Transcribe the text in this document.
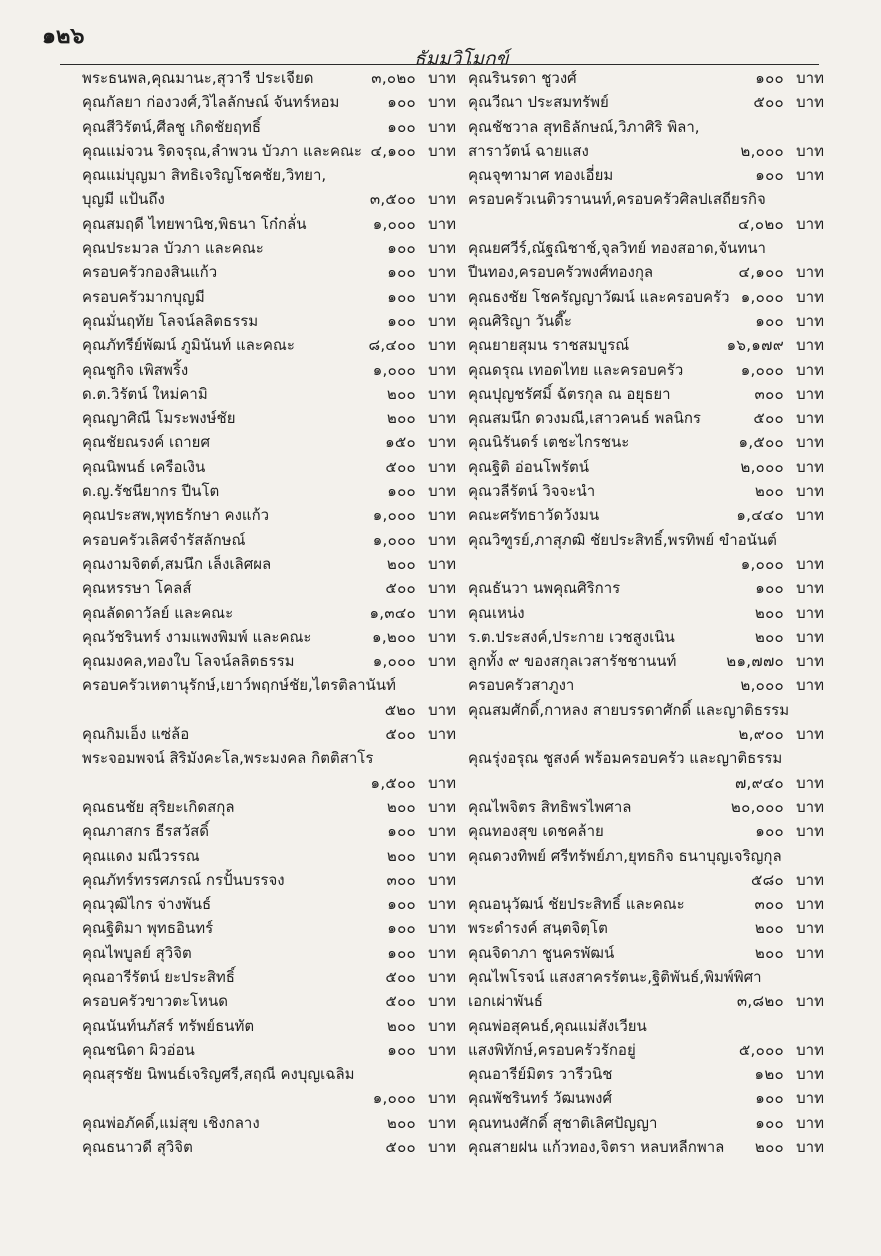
๑๒๖
ธัมมวิโมกข์
พระธนพล,คุณมานะ,สุวารี ประเจียด	๓,๐๒๐ บาท
คุณกัลยา ก่องวงศ์,วิไลลักษณ์ จันทร์หอม	๑๐๐ บาท
คุณสีวิรัตน์,ศีลชู เกิดชัยฤทธิ์	๑๐๐ บาท
คุณแม่จวน ริดจรุณ,ลำพวน บัวภา และคณะ ๔,๑๐๐ บาท
คุณแม่บุญมา สิทธิเจริญโชคชัย,วิทยา,
บุญมี แป้นถึง	๓,๕๐๐ บาท
คุณสมฤดี ไทยพานิช,พิธนา โก๋กลั่น	๑,๐๐๐ บาท
คุณประมวล บัวภา และคณะ	๑๐๐ บาท
ครอบครัวกองสินแก้ว	๑๐๐ บาท
ครอบครัวมากบุญมี	๑๐๐ บาท
คุณมั่นฤทัย โลจน์ลลิตธรรม	๑๐๐ บาท
คุณภัทรีย์พัฒน์ ภูมินันท์ และคณะ	๘,๔๐๐ บาท
คุณชูกิจ เพิสพริ้ง	๑,๐๐๐ บาท
ด.ต.วิรัตน์ ใหม่คามิ	๒๐๐ บาท
คุณญาศิณี โมระพงษ์ชัย	๒๐๐ บาท
คุณชัยณรงค์ เถายศ	๑๕๐ บาท
คุณนิพนธ์ เครือเงิน	๕๐๐ บาท
ด.ญ.รัชนียากร ปีนโต	๑๐๐ บาท
คุณประสพ,พุทธรักษา คงแก้ว	๑,๐๐๐ บาท
ครอบครัวเลิศจำรัสลักษณ์	๑,๐๐๐ บาท
คุณงามจิตต์,สมนึก เล็งเลิศผล	๒๐๐ บาท
คุณหรรษา โคลส์	๕๐๐ บาท
คุณลัดดาวัลย์ และคณะ	๑,๓๔๐ บาท
คุณวัชรินทร์ งามแพงพิมพ์ และคณะ	๑,๒๐๐ บาท
คุณมงคล,ทองใบ โลจน์ลลิตธรรม	๑,๐๐๐ บาท
ครอบครัวเหตานุรักษ์,เยาว์พฤกษ์ชัย,ไตรติลานันท์
๕๒๐ บาท
คุณกิมเอ็ง แซ่ล้อ	๕๐๐ บาท
พระจอมพจน์ สิริมังคะโล,พระมงคล กิตติสาโร
๑,๕๐๐ บาท
คุณธนชัย สุริยะเกิดสกุล	๒๐๐ บาท
คุณภาสกร ธีรสวัสดิ์	๑๐๐ บาท
คุณแดง มณีวรรณ	๒๐๐ บาท
คุณภัทร์ทรรศภรณ์ กรปั้นบรรจง	๓๐๐ บาท
คุณวุฒิไกร จ่างพันธ์	๑๐๐ บาท
คุณฐิติมา พุทธอินทร์	๑๐๐ บาท
คุณไพบูลย์ สุวิจิต	๑๐๐ บาท
คุณอารีรัตน์ ยะประสิทธิ์	๕๐๐ บาท
ครอบครัวขาวตะโหนด	๕๐๐ บาท
คุณนันท์นภัสร์ ทรัพย์ธนทัต	๒๐๐ บาท
คุณชนิดา ผิวอ่อน	๑๐๐ บาท
คุณสุรชัย นิพนธ์เจริญศรี,สฤณี คงบุญเฉลิม
๑,๐๐๐ บาท
คุณพ่อภัคดิ์,แม่สุข เชิงกลาง	๒๐๐ บาท
คุณธนาวดี สุวิจิต	๕๐๐ บาท
คุณรินรดา ชูวงศ์	๑๐๐ บาท
คุณวีณา ประสมทรัพย์	๕๐๐ บาท
คุณชัชวาล สุทธิลักษณ์,วิภาศิริ พิลา,
สาราวัตน์ ฉายแสง	๒,๐๐๐ บาท
คุณจุฑามาศ ทองเอี่ยม	๑๐๐ บาท
ครอบครัวเนติวรานนท์,ครอบครัวศิลปเสถียรกิจ
๔,๐๒๐ บาท
คุณยศวีร์,ณัฐณิชาช์,จุลวิทย์ ทองสอาด,จันทนา
ปีนทอง,ครอบครัวพงศ์ทองกุล	๔,๑๐๐ บาท
คุณธงชัย โชครัญญาวัฒน์ และครอบครัว ๑,๐๐๐ บาท
คุณศิริญา วันดี๊ะ	๑๐๐ บาท
คุณยายสุมน ราชสมบูรณ์	๑๖,๑๗๙ บาท
คุณดรุณ เทอดไทย และครอบครัว	๑,๐๐๐ บาท
คุณปุญชรัศมิ์ ฉัตรกุล ณ อยุธยา	๓๐๐ บาท
คุณสมนึก ดวงมณี,เสาวคนธ์ พลนิกร	๕๐๐ บาท
คุณนิรันดร์ เตชะไกรชนะ	๑,๕๐๐ บาท
คุณฐิติ อ่อนโพรัตน์	๒,๐๐๐ บาท
คุณวลีรัตน์ วิจจะนำ	๒๐๐ บาท
คณะศรัทธาวัดวังมน	๑,๔๔๐ บาท
คุณวิฑูรย์,ภาสุภฒิ ชัยประสิทธิ์,พรทิพย์ ขำอนันต์
๑,๐๐๐ บาท
คุณธันวา นพคุณศิริการ	๑๐๐ บาท
คุณเหน่ง	๒๐๐ บาท
ร.ต.ประสงค์,ประกาย เวชสูงเนิน	๒๐๐ บาท
ลูกทั้ง ๙ ของสกุลเวสารัชชานนท์	๒๑,๗๗๐ บาท
ครอบครัวสาภูงา	๒,๐๐๐ บาท
คุณสมศักดิ์,กาหลง สายบรรดาศักดิ์ และญาติธรรม
๒,๙๐๐ บาท
คุณรุ่งอรุณ ชูสงค์ พร้อมครอบครัว และญาติธรรม
๗,๙๔๐ บาท
คุณไพจิตร สิทธิพรไพศาล	๒๐,๐๐๐ บาท
คุณทองสุข เดชคล้าย	๑๐๐ บาท
คุณดวงทิพย์ ศรีทรัพย์ภา,ยุทธกิจ ธนาบุญเจริญกุล
๕๘๐ บาท
คุณอนุวัฒน์ ชัยประสิทธิ์ และคณะ	๓๐๐ บาท
พระดำรงค์ สนฺตจิตฺโต	๒๐๐ บาท
คุณจิดาภา ชูนครพัฒน์	๒๐๐ บาท
คุณไพโรจน์ แสงสาครรัตนะ,ฐิติพันธ์,พิมพ์พิศา
เอกเผ่าพันธ์	๓,๘๒๐ บาท
คุณพ่อสุคนธ์,คุณแม่สังเวียน
แสงพิทักษ์,ครอบครัวรักอยู่	๕,๐๐๐ บาท
คุณอารีย์มิตร วารีวนิช	๑๒๐ บาท
คุณพัชรินทร์ วัฒนพงศ์	๑๐๐ บาท
คุณทนงศักดิ์ สุชาติเลิศปัญญา	๑๐๐ บาท
คุณสายฝน แก้วทอง,จิตรา หลบหลีกพาล	๒๐๐ บาท
